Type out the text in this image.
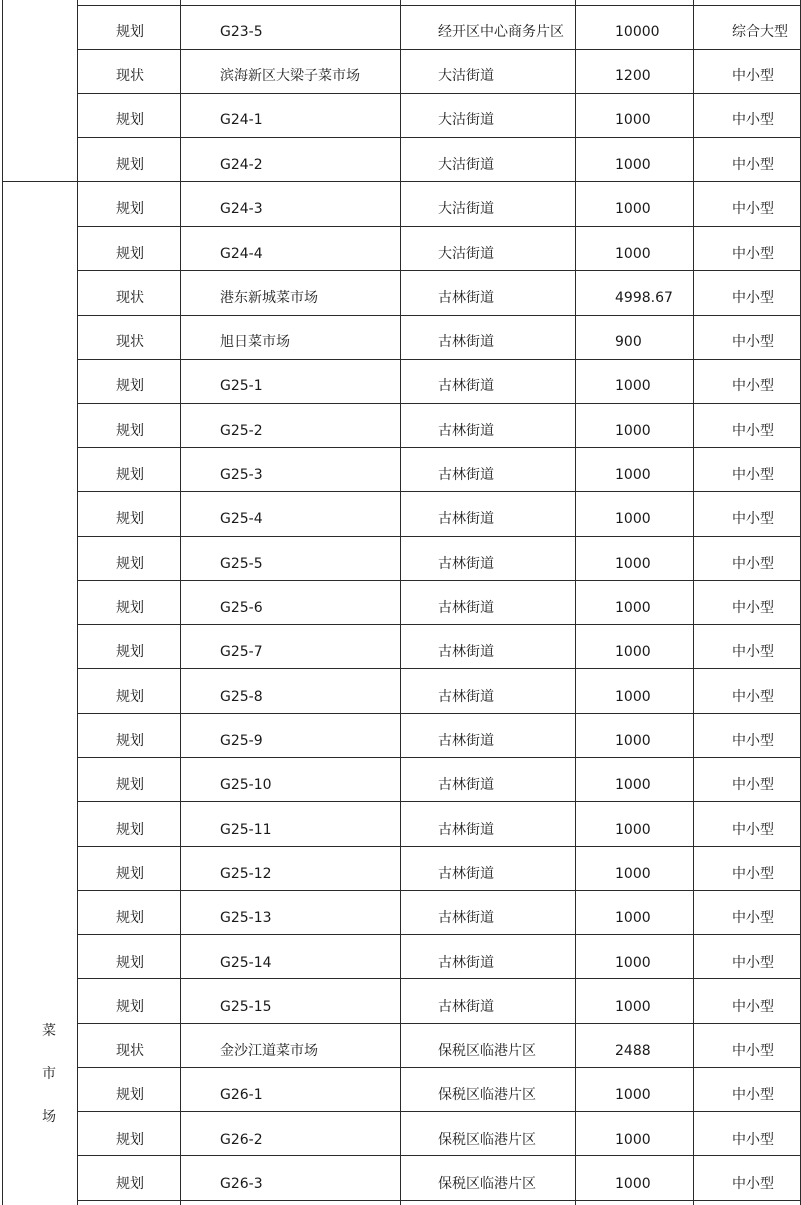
菜
市
场
规划	G23-5	经开区中心商务片区	10000	综合大型
现状	滨海新区大梁子菜市场	大沽街道	1200	中小型
规划	G24-1	大沽街道	1000	中小型
规划	G24-2	大沽街道	1000	中小型
规划	G24-3	大沽街道	1000	中小型
规划	G24-4	大沽街道	1000	中小型
现状	港东新城菜市场	古林街道	4998.67	中小型
现状	旭日菜市场	古林街道	900	中小型
规划	G25-1	古林街道	1000	中小型
规划	G25-2	古林街道	1000	中小型
规划	G25-3	古林街道	1000	中小型
规划	G25-4	古林街道	1000	中小型
规划	G25-5	古林街道	1000	中小型
规划	G25-6	古林街道	1000	中小型
规划	G25-7	古林街道	1000	中小型
规划	G25-8	古林街道	1000	中小型
规划	G25-9	古林街道	1000	中小型
规划	G25-10	古林街道	1000	中小型
规划	G25-11	古林街道	1000	中小型
规划	G25-12	古林街道	1000	中小型
规划	G25-13	古林街道	1000	中小型
规划	G25-14	古林街道	1000	中小型
规划	G25-15	古林街道	1000	中小型
现状	金沙江道菜市场	保税区临港片区	2488	中小型
规划	G26-1	保税区临港片区	1000	中小型
规划	G26-2	保税区临港片区	1000	中小型
规划	G26-3	保税区临港片区	1000	中小型
